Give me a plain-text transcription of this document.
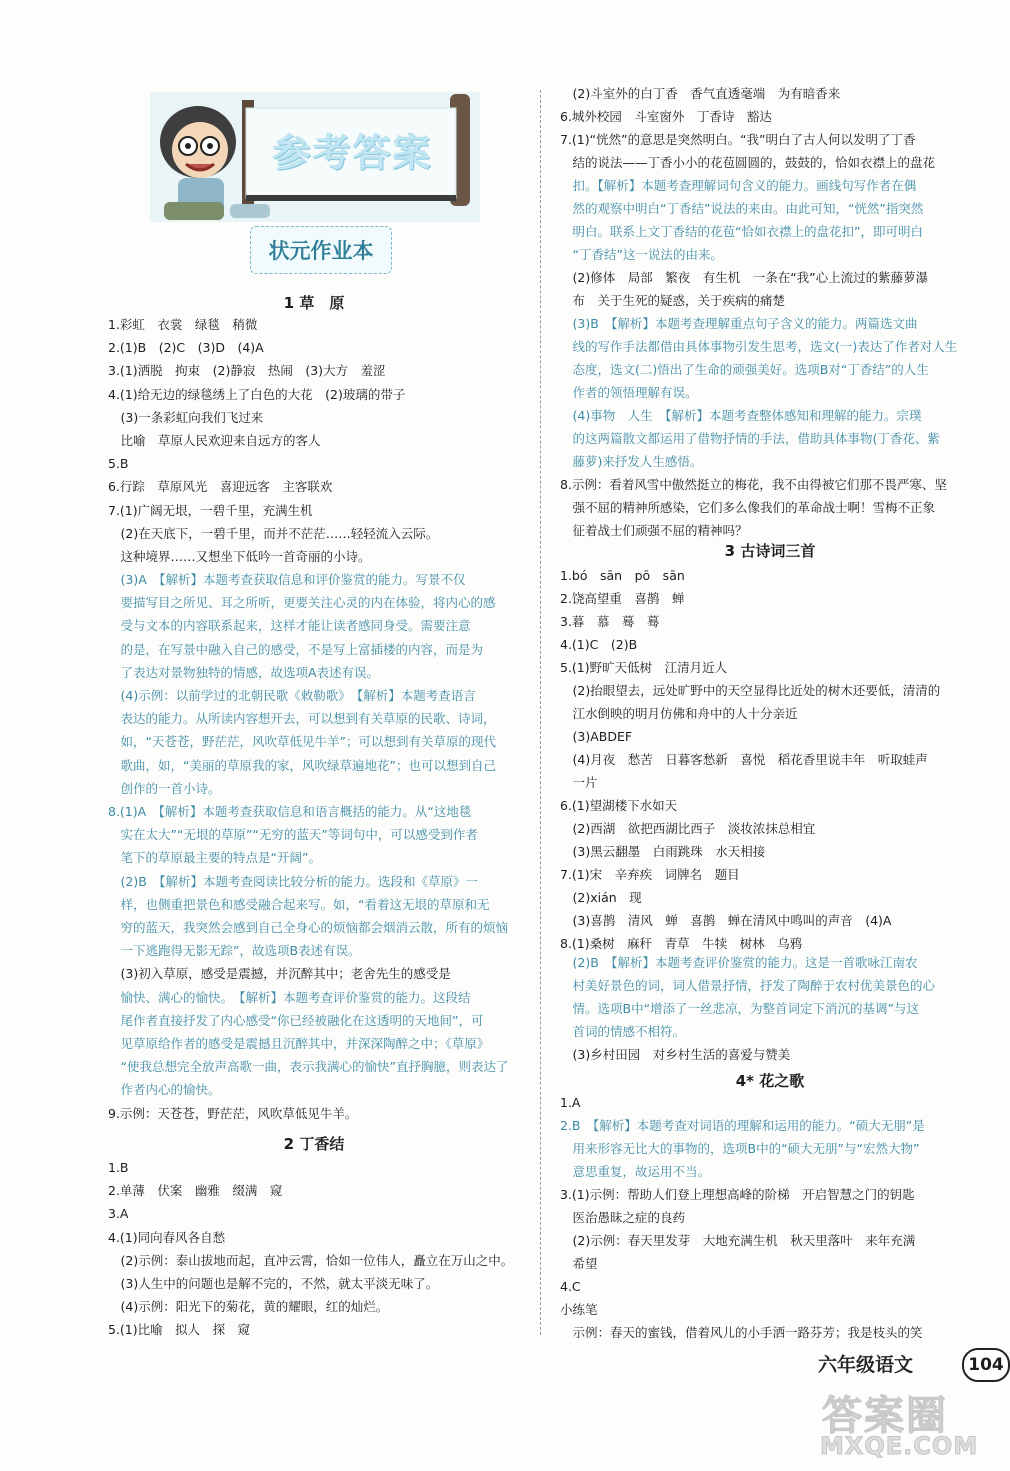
参考答案
状元作业本
1 草　原
1.彩虹　衣裳　绿毯　稍微
2.(1)B　(2)C　(3)D　(4)A
3.(1)洒脱　拘束　(2)静寂　热闹　(3)大方　羞涩
4.(1)给无边的绿毯绣上了白色的大花　(2)玻璃的带子
　(3)一条彩虹向我们飞过来
　比喻　草原人民欢迎来自远方的客人
5.B
6.行踪　草原风光　喜迎远客　主客联欢
7.(1)广阔无垠，一碧千里，充满生机
　(2)在天底下，一碧千里，而并不茫茫……轻轻流入云际。
　这种境界……又想坐下低吟一首奇丽的小诗。
　(3)A　【解析】本题考查获取信息和评价鉴赏的能力。写景不仅
　要描写目之所见、耳之所听，更要关注心灵的内在体验，将内心的感
　受与文本的内容联系起来，这样才能让读者感同身受。需要注意
　的是，在写景中融入自己的感受，不是写上富插楼的内容，而是为
　了表达对景物独特的情感，故选项A表述有误。
　(4)示例：以前学过的北朝民歌《敕勒歌》　【解析】本题考查语言
　表达的能力。从所读内容想开去，可以想到有关草原的民歌、诗词，
　如，“天苍苍，野茫茫，风吹草低见牛羊”；可以想到有关草原的现代
　歌曲，如，“美丽的草原我的家，风吹绿草遍地花”；也可以想到自己
　创作的一首小诗。
8.(1)A　【解析】本题考查获取信息和语言概括的能力。从“这地毯
　实在太大”“无垠的草原”“无穷的蓝天”等词句中，可以感受到作者
　笔下的草原最主要的特点是“开阔”。
　(2)B　【解析】本题考查阅读比较分析的能力。选段和《草原》一
　样，也侧重把景色和感受融合起来写。如，“看着这无垠的草原和无
　穷的蓝天，我突然会感到自己全身心的烦恼都会烟消云散，所有的烦恼
　一下逃跑得无影无踪”，故选项B表述有误。
　(3)初入草原，感受是震撼，并沉醉其中；老舍先生的感受是
　愉快、满心的愉快。　【解析】本题考查评价鉴赏的能力。这段结
　尾作者直接抒发了内心感受“你已经被融化在这透明的天地间”，可
　见草原给作者的感受是震撼且沉醉其中，并深深陶醉之中；《草原》
　“使我总想完全放声高歌一曲，表示我满心的愉快”直抒胸臆，则表达了
　作者内心的愉快。
9.示例：天苍苍，野茫茫，风吹草低见牛羊。
2 丁香结
1.B
2.单薄　伏案　幽雅　缀满　窥
3.A
4.(1)同向春风各自愁
　(2)示例：泰山拔地而起，直冲云霄，恰如一位伟人，矗立在万山之中。
　(3)人生中的问题也是解不完的，不然，就太平淡无味了。
　(4)示例：阳光下的菊花，黄的耀眼，红的灿烂。
5.(1)比喻　拟人　探　窥
　(2)斗室外的白丁香　香气直透毫端　为有暗香来
6.城外校园　斗室窗外　丁香诗　豁达
7.(1)“恍然”的意思是突然明白。“我”明白了古人何以发明了丁香
　结的说法——丁香小小的花苞圆圆的，鼓鼓的，恰如衣襟上的盘花
　扣。【解析】本题考查理解词句含义的能力。画线句写作者在偶
　然的观察中明白“丁香结”说法的来由。由此可知，“恍然”指突然
　明白。联系上文丁香结的花苞“恰如衣襟上的盘花扣”，即可明白
　“丁香结”这一说法的由来。
　(2)修体　局部　繁夜　有生机　一条在“我”心上流过的紫藤萝瀑
　布　关于生死的疑惑，关于疾病的痛楚
　(3)B　【解析】本题考查理解重点句子含义的能力。两篇选文曲
　线的写作手法都借由具体事物引发生思考，选文(一)表达了作者对人生
　态度，选文(二)悟出了生命的顽强美好。选项B对“丁香结”的人生
　作者的领悟理解有误。
　(4)事物　人生　【解析】本题考查整体感知和理解的能力。宗璞
　的这两篇散文都运用了借物抒情的手法，借助具体事物(丁香花、紫
　藤萝)来抒发人生感悟。
8.示例：看着风雪中傲然挺立的梅花，我不由得被它们那不畏严寒、坚
　强不屈的精神所感染，它们多么像我们的革命战士啊！雪梅不正象
　征着战士们顽强不屈的精神吗？
3 古诗词三首
1.bó　sān　pō　sān
2.饶高望重　喜鹊　蝉
3.暮　慕　蓦　蓦
4.(1)C　(2)B
5.(1)野旷天低树　江清月近人
　(2)抬眼望去，远处旷野中的天空显得比近处的树木还要低，清清的
　江水倒映的明月仿佛和舟中的人十分亲近
　(3)ABDEF
　(4)月夜　愁苦　日暮客愁新　喜悦　稻花香里说丰年　听取蛙声
　一片
6.(1)望湖楼下水如天
　(2)西湖　欲把西湖比西子　淡妆浓抹总相宜
　(3)黑云翻墨　白雨跳珠　水天相接
7.(1)宋　辛弃疾　词牌名　题目
　(2)xián　现
　(3)喜鹊　清风　蝉　喜鹊　蝉在清风中鸣叫的声音　(4)A
8.(1)桑树　麻秆　青草　牛犊　树林　乌鸦
　(2)B　【解析】本题考查评价鉴赏的能力。这是一首歌咏江南农
　村美好景色的词，词人借景抒情，抒发了陶醉于农村优美景色的心
　情。选项B中“增添了一丝悲凉，为整首词定下消沉的基调”与这
　首词的情感不相符。
　(3)乡村田园　对乡村生活的喜爱与赞美
4* 花之歌
1.A
2.B　【解析】本题考查对词语的理解和运用的能力。“硕大无朋”是
　用来形容无比大的事物的，选项B中的“硕大无朋”与“宏然大物”
　意思重复，故运用不当。
3.(1)示例：帮助人们登上理想高峰的阶梯　开启智慧之门的钥匙
　医治愚昧之症的良药
　(2)示例：春天里发芽　大地充满生机　秋天里落叶　来年充满
　希望
4.C
小练笔
　示例：春天的蜜钱，借着风儿的小手洒一路芬芳；我是枝头的笑
六年级语文	104
答案圈
MXQE.COM
